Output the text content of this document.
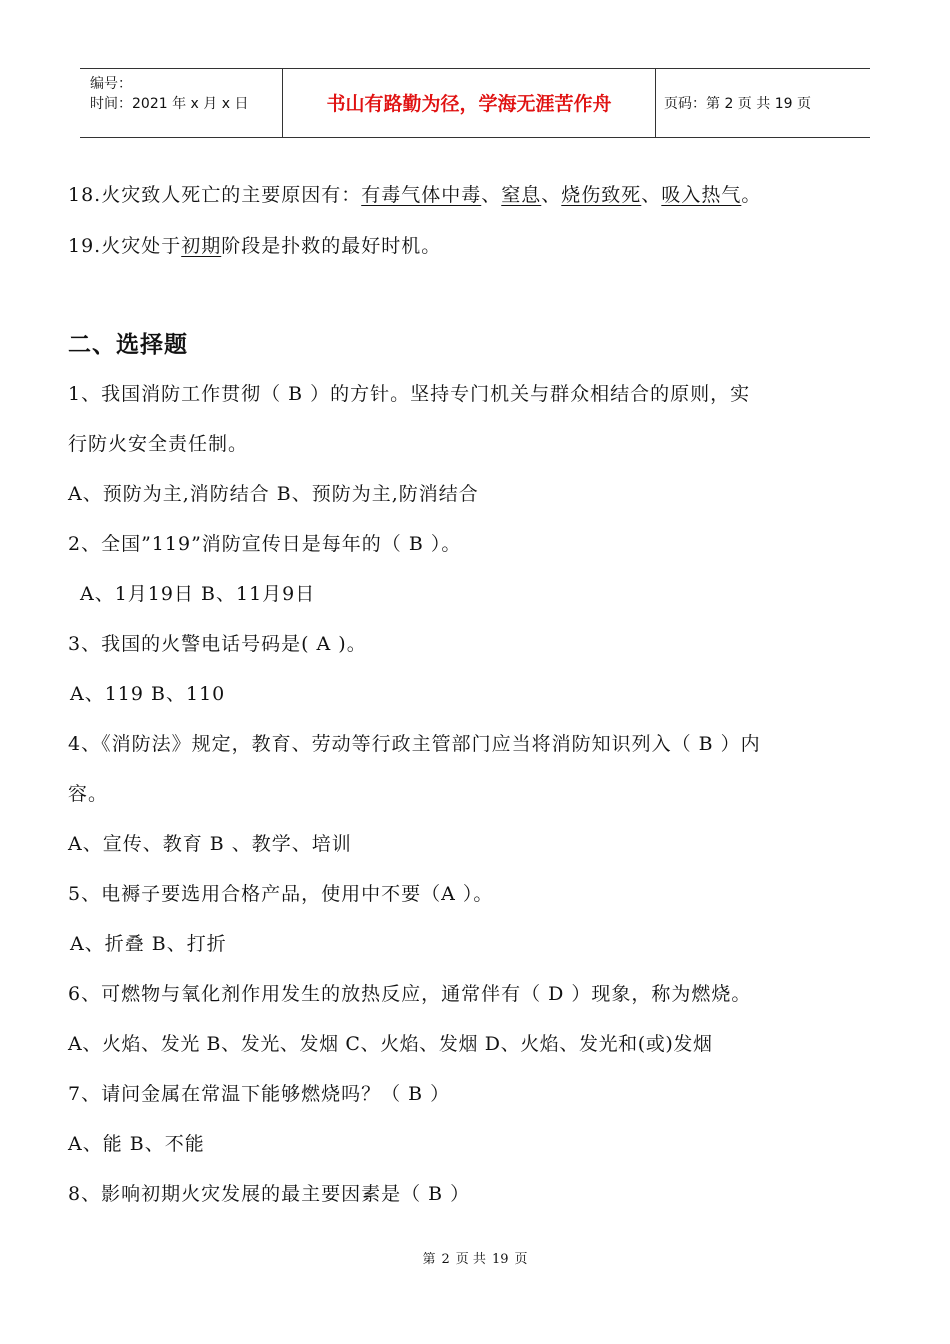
编号：
时间：2021 年 x 月 x 日	书山有路勤为径，学海无涯苦作舟	页码：第 2 页 共 19 页
18.火灾致人死亡的主要原因有：有毒气体中毒、窒息、烧伤致死、吸入热气。
19.火灾处于初期阶段是扑救的最好时机。
二、选择题
1、我国消防工作贯彻（ B ）的方针。坚持专门机关与群众相结合的原则，实
行防火安全责任制。
A、预防为主,消防结合 B、预防为主,防消结合
2、全国”119”消防宣传日是每年的（ B ）。
A、1月19日 B、11月9日
3、我国的火警电话号码是( A )。
A、119 B、110
4、《消防法》规定，教育、劳动等行政主管部门应当将消防知识列入（ B ）内
容。
A、宣传、教育 B 、教学、培训
5、电褥子要选用合格产品，使用中不要（A ）。
A、折叠 B、打折
6、可燃物与氧化剂作用发生的放热反应，通常伴有（ D ）现象，称为燃烧。
A、火焰、发光 B、发光、发烟 C、火焰、发烟 D、火焰、发光和(或)发烟
7、请问金属在常温下能够燃烧吗？（ B ）
A、能 B、不能
8、影响初期火灾发展的最主要因素是（ B ）
第 2 页 共 19 页
